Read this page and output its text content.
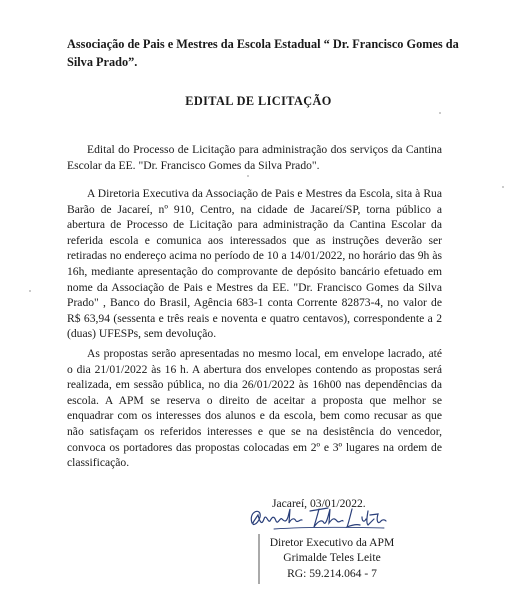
Associação de Pais e Mestres da Escola Estadual “ Dr. Francisco Gomes da Silva Prado”.
EDITAL DE LICITAÇÃO

Edital do Processo de Licitação para administração dos serviços da Cantina Escolar da EE. "Dr. Francisco Gomes da Silva Prado".

A Diretoria Executiva da Associação de Pais e Mestres da Escola, sita à Rua Barão de Jacareí, nº 910, Centro, na cidade de Jacareí/SP, torna público a abertura de Processo de Licitação para administração da Cantina Escolar da referida escola e comunica aos interessados que as instruções deverão ser retiradas no endereço acima no período de 10 a 14/01/2022, no horário das 9h às 16h, mediante apresentação do comprovante de depósito bancário efetuado em nome da Associação de Pais e Mestres da EE. "Dr. Francisco Gomes da Silva Prado" , Banco do Brasil, Agência 683-1 conta Corrente 82873-4, no valor de R$ 63,94 (sessenta e três reais e noventa e quatro centavos), correspondente a 2 (duas) UFESPs, sem devolução.

As propostas serão apresentadas no mesmo local, em envelope lacrado, até o dia 21/01/2022 às 16 h. A abertura dos envelopes contendo as propostas será realizada, em sessão pública, no dia 26/01/2022 às 16h00 nas dependências da escola. A APM se reserva o direito de aceitar a proposta que melhor se enquadrar com os interesses dos alunos e da escola, bem como recusar as que não satisfaçam os referidos interesses e que se na desistência do vencedor, convoca os portadores das propostas colocadas em 2º e 3º lugares na ordem de classificação.

Jacareí, 03/01/2022.
Diretor Executivo da APM
Grimalde Teles Leite
RG: 59.214.064 - 7
